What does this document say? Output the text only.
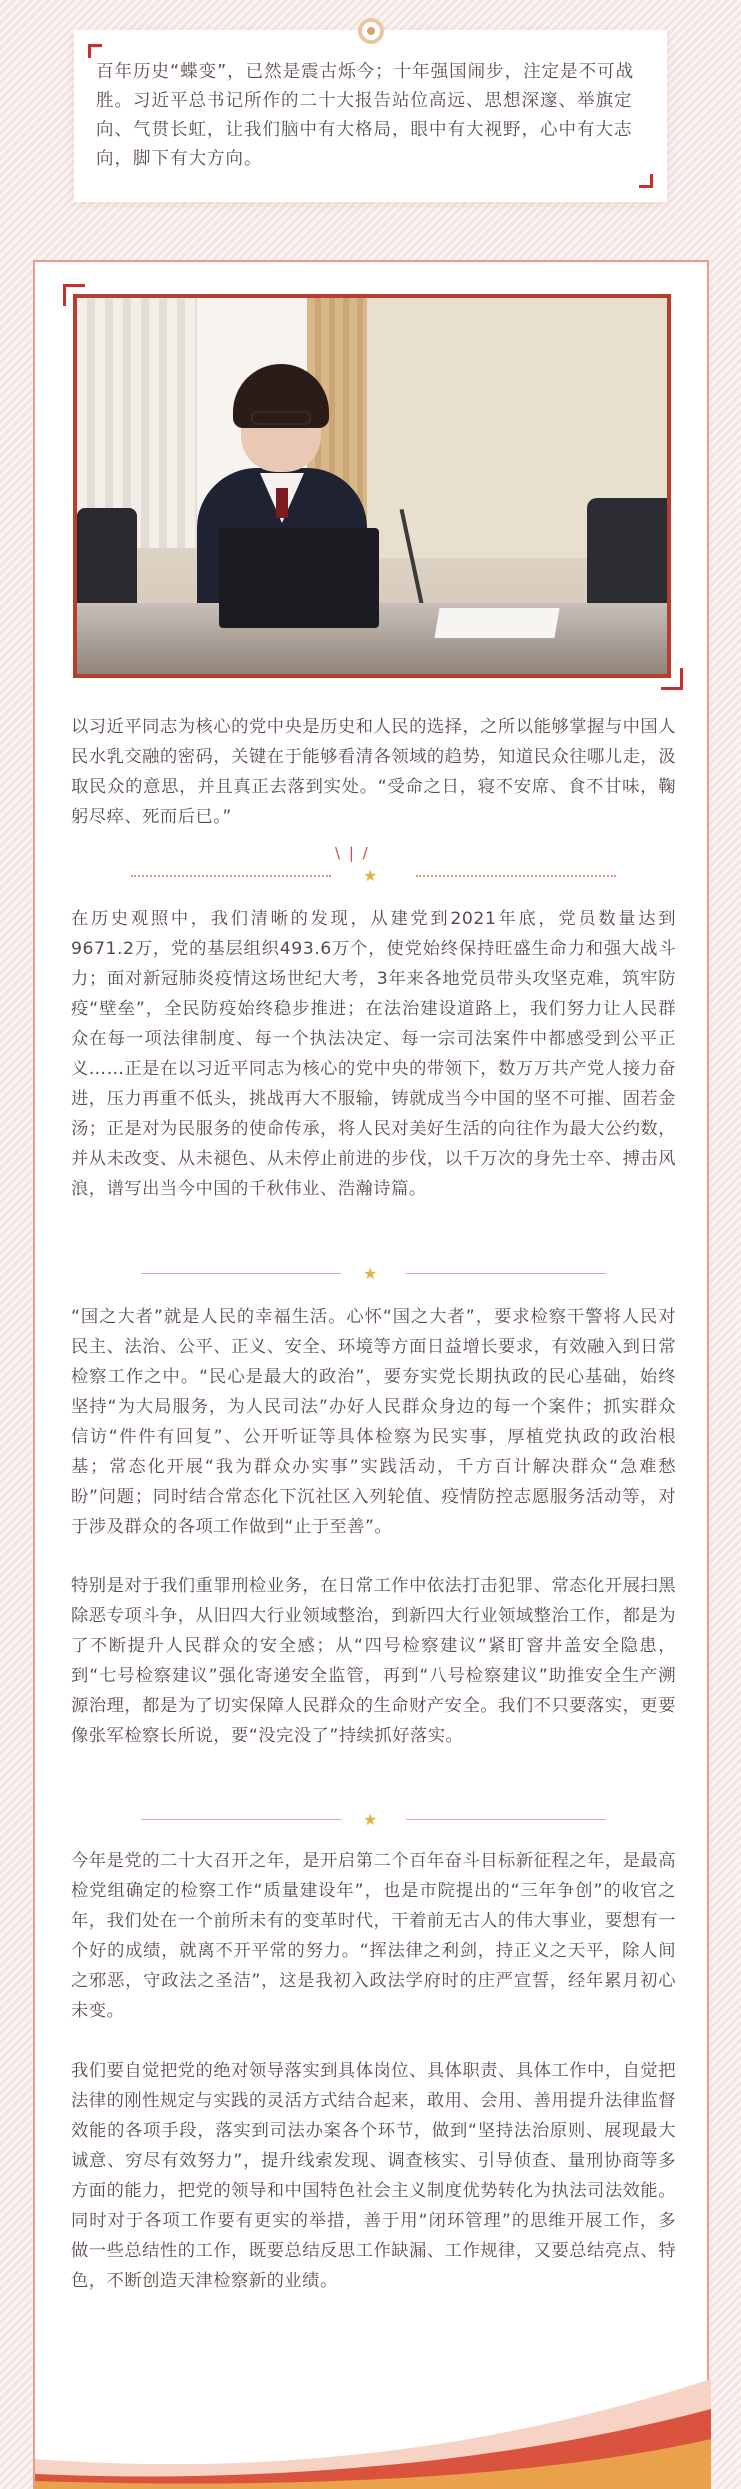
百年历史“蝶变”，已然是震古烁今；十年强国闹步，注定是不可战胜。习近平总书记所作的二十大报告站位高远、思想深邃、举旗定向、气贯长虹，让我们脑中有大格局，眼中有大视野，心中有大志向，脚下有大方向。
以习近平同志为核心的党中央是历史和人民的选择，之所以能够掌握与中国人民水乳交融的密码，关键在于能够看清各领域的趋势，知道民众往哪儿走，汲取民众的意思，并且真正去落到实处。“受命之日，寝不安席、食不甘味，鞠躬尽瘁、死而后已。”
\ | /
★
在历史观照中，我们清晰的发现，从建党到2021年底，党员数量达到9671.2万，党的基层组织493.6万个，使党始终保持旺盛生命力和强大战斗力；面对新冠肺炎疫情这场世纪大考，3年来各地党员带头攻坚克难，筑牢防疫“壁垒”，全民防疫始终稳步推进；在法治建设道路上，我们努力让人民群众在每一项法律制度、每一个执法决定、每一宗司法案件中都感受到公平正义……正是在以习近平同志为核心的党中央的带领下，数万万共产党人接力奋进，压力再重不低头，挑战再大不服输，铸就成当今中国的坚不可摧、固若金汤；正是对为民服务的使命传承，将人民对美好生活的向往作为最大公约数，并从未改变、从未褪色、从未停止前进的步伐，以千万次的身先士卒、搏击风浪，谱写出当今中国的千秋伟业、浩瀚诗篇。
★
“国之大者”就是人民的幸福生活。心怀“国之大者”，要求检察干警将人民对民主、法治、公平、正义、安全、环境等方面日益增长要求，有效融入到日常检察工作之中。“民心是最大的政治”，要夯实党长期执政的民心基础，始终坚持“为大局服务，为人民司法”办好人民群众身边的每一个案件；抓实群众信访“件件有回复”、公开听证等具体检察为民实事，厚植党执政的政治根基；常态化开展“我为群众办实事”实践活动，千方百计解决群众“急难愁盼”问题；同时结合常态化下沉社区入列轮值、疫情防控志愿服务活动等，对于涉及群众的各项工作做到“止于至善”。
特别是对于我们重罪刑检业务，在日常工作中依法打击犯罪、常态化开展扫黑除恶专项斗争，从旧四大行业领域整治，到新四大行业领域整治工作，都是为了不断提升人民群众的安全感；从“四号检察建议”紧盯窨井盖安全隐患，到“七号检察建议”强化寄递安全监管，再到“八号检察建议”助推安全生产溯源治理，都是为了切实保障人民群众的生命财产安全。我们不只要落实，更要像张军检察长所说，要“没完没了”持续抓好落实。
★
今年是党的二十大召开之年，是开启第二个百年奋斗目标新征程之年，是最高检党组确定的检察工作“质量建设年”，也是市院提出的“三年争创”的收官之年，我们处在一个前所未有的变革时代，干着前无古人的伟大事业，要想有一个好的成绩，就离不开平常的努力。“挥法律之利剑，持正义之天平，除人间之邪恶，守政法之圣洁”，这是我初入政法学府时的庄严宣誓，经年累月初心未变。
我们要自觉把党的绝对领导落实到具体岗位、具体职责、具体工作中，自觉把法律的刚性规定与实践的灵活方式结合起来，敢用、会用、善用提升法律监督效能的各项手段，落实到司法办案各个环节，做到“坚持法治原则、展现最大诚意、穷尽有效努力”，提升线索发现、调查核实、引导侦查、量刑协商等多方面的能力，把党的领导和中国特色社会主义制度优势转化为执法司法效能。同时对于各项工作要有更实的举措，善于用“闭环管理”的思维开展工作，多做一些总结性的工作，既要总结反思工作缺漏、工作规律，又要总结亮点、特色，不断创造天津检察新的业绩。
